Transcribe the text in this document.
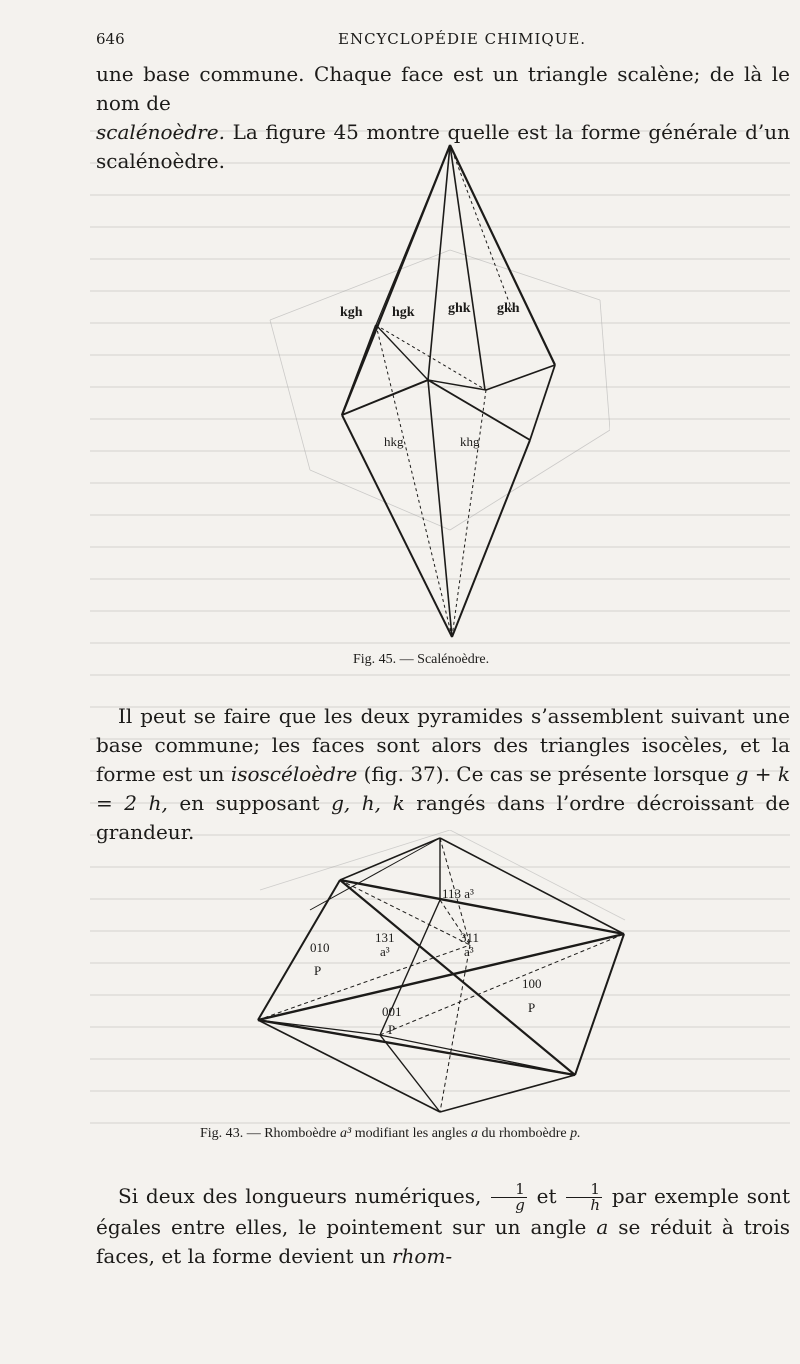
646	ENCYCLOPÉDIE CHIMIQUE.

une base commune. Chaque face est un triangle scalène; de là le nom de
scalénoèdre. La figure 45 montre quelle est la forme générale d’un scalénoèdre.

kgh hgk ghk gkh
hkg	khg
Fig. 45. — Scalénoèdre.

Il peut se faire que les deux pyramides s’assemblent suivant une base commune; les faces sont alors des triangles isocèles, et la forme est un isoscéloèdre (fig. 37). Ce cas se présente lorsque g + k = 2 h, en supposant g, h, k rangés dans l’ordre décroissant de grandeur.

113 a³
010
P
131
a³
311
a³
100
P
001
P
Fig. 43. — Rhomboèdre a³ modifiant les angles a du rhomboèdre p.

Si deux des longueurs numériques, $\frac{1}{g}$ et $\frac{1}{h}$ par exemple sont égales entre elles, le pointement sur un angle a se réduit à trois faces, et la forme devient un rhom-
